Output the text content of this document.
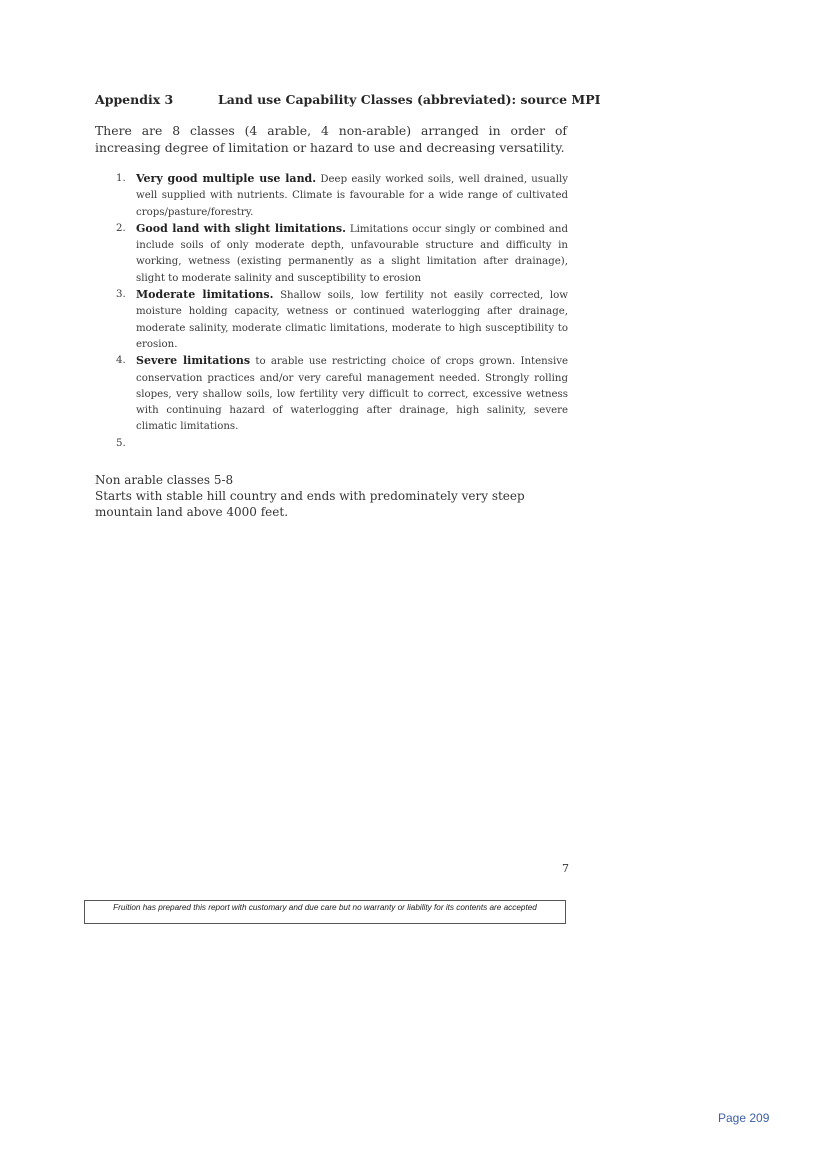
Appendix 3	Land use Capability Classes (abbreviated): source MPI
There are 8 classes (4 arable, 4 non-arable) arranged in order of increasing degree of limitation or hazard to use and decreasing versatility.
1. Very good multiple use land. Deep easily worked soils, well drained, usually well supplied with nutrients. Climate is favourable for a wide range of cultivated crops/pasture/forestry.
2. Good land with slight limitations. Limitations occur singly or combined and include soils of only moderate depth, unfavourable structure and difficulty in working, wetness (existing permanently as a slight limitation after drainage), slight to moderate salinity and susceptibility to erosion
3. Moderate limitations. Shallow soils, low fertility not easily corrected, low moisture holding capacity, wetness or continued waterlogging after drainage, moderate salinity, moderate climatic limitations, moderate to high susceptibility to erosion.
4. Severe limitations to arable use restricting choice of crops grown. Intensive conservation practices and/or very careful management needed. Strongly rolling slopes, very shallow soils, low fertility very difficult to correct, excessive wetness with continuing hazard of waterlogging after drainage, high salinity, severe climatic limitations.
5.

Non arable classes 5-8
Starts with stable hill country and ends with predominately very steep mountain land above 4000 feet.
7
Fruition has prepared this report with customary and due care but no warranty or liability for its contents are accepted
Page 209
